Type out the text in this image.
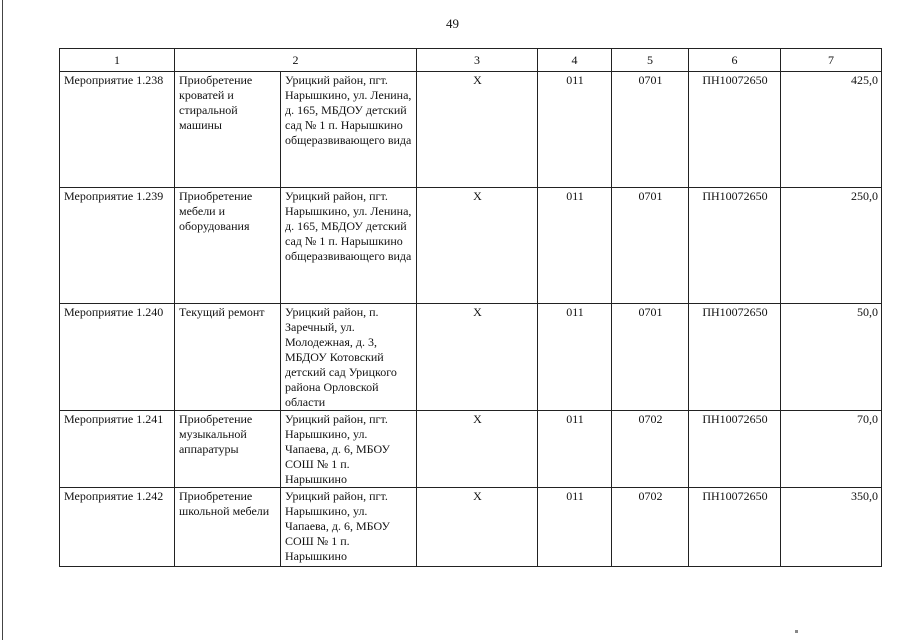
49
1	2		3	4	5	6	7
Мероприятие 1.238	Приобретение кроватей и стиральной машины	Урицкий район, пгт. Нарышкино, ул. Ленина, д. 165, МБДОУ детский сад № 1 п. Нарышкино общеразвивающего вида	Х	011	0701	ПН10072650	425,0
Мероприятие 1.239	Приобретение мебели и оборудования	Урицкий район, пгт. Нарышкино, ул. Ленина, д. 165, МБДОУ детский сад № 1 п. Нарышкино общеразвивающего вида	Х	011	0701	ПН10072650	250,0
Мероприятие 1.240	Текущий ремонт	Урицкий район, п. Заречный, ул. Молодежная, д. 3, МБДОУ Котовский детский сад Урицкого района Орловской области	Х	011	0701	ПН10072650	50,0
Мероприятие 1.241	Приобретение музыкальной аппаратуры	Урицкий район, пгт. Нарышкино, ул. Чапаева, д. 6, МБОУ СОШ № 1 п. Нарышкино	Х	011	0702	ПН10072650	70,0
Мероприятие 1.242	Приобретение школьной мебели	Урицкий район, пгт. Нарышкино, ул. Чапаева, д. 6, МБОУ СОШ № 1 п. Нарышкино	Х	011	0702	ПН10072650	350,0
